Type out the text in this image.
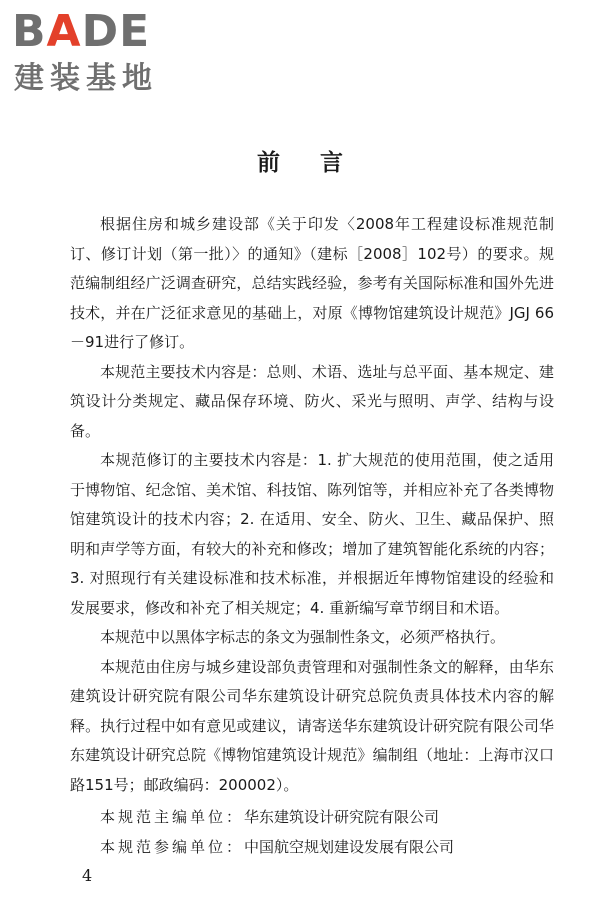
BADE
建装基地
前言

根据住房和城乡建设部《关于印发〈2008年工程建设标准规范制订、修订计划（第一批）〉的通知》（建标［2008］102号）的要求。规范编制组经广泛调查研究，总结实践经验，参考有关国际标准和国外先进技术，并在广泛征求意见的基础上，对原《博物馆建筑设计规范》JGJ 66－91进行了修订。

本规范主要技术内容是：总则、术语、选址与总平面、基本规定、建筑设计分类规定、藏品保存环境、防火、采光与照明、声学、结构与设备。

本规范修订的主要技术内容是：1. 扩大规范的使用范围，使之适用于博物馆、纪念馆、美术馆、科技馆、陈列馆等，并相应补充了各类博物馆建筑设计的技术内容；2. 在适用、安全、防火、卫生、藏品保护、照明和声学等方面，有较大的补充和修改；增加了建筑智能化系统的内容；3. 对照现行有关建设标准和技术标准，并根据近年博物馆建设的经验和发展要求，修改和补充了相关规定；4. 重新编写章节纲目和术语。

本规范中以黑体字标志的条文为强制性条文，必须严格执行。

本规范由住房与城乡建设部负责管理和对强制性条文的解释，由华东建筑设计研究院有限公司华东建筑设计研究总院负责具体技术内容的解释。执行过程中如有意见或建议，请寄送华东建筑设计研究院有限公司华东建筑设计研究总院《博物馆建筑设计规范》编制组（地址：上海市汉口路151号；邮政编码：200002）。

本规范主编单位：华东建筑设计研究院有限公司
本规范参编单位：中国航空规划建设发展有限公司
4
